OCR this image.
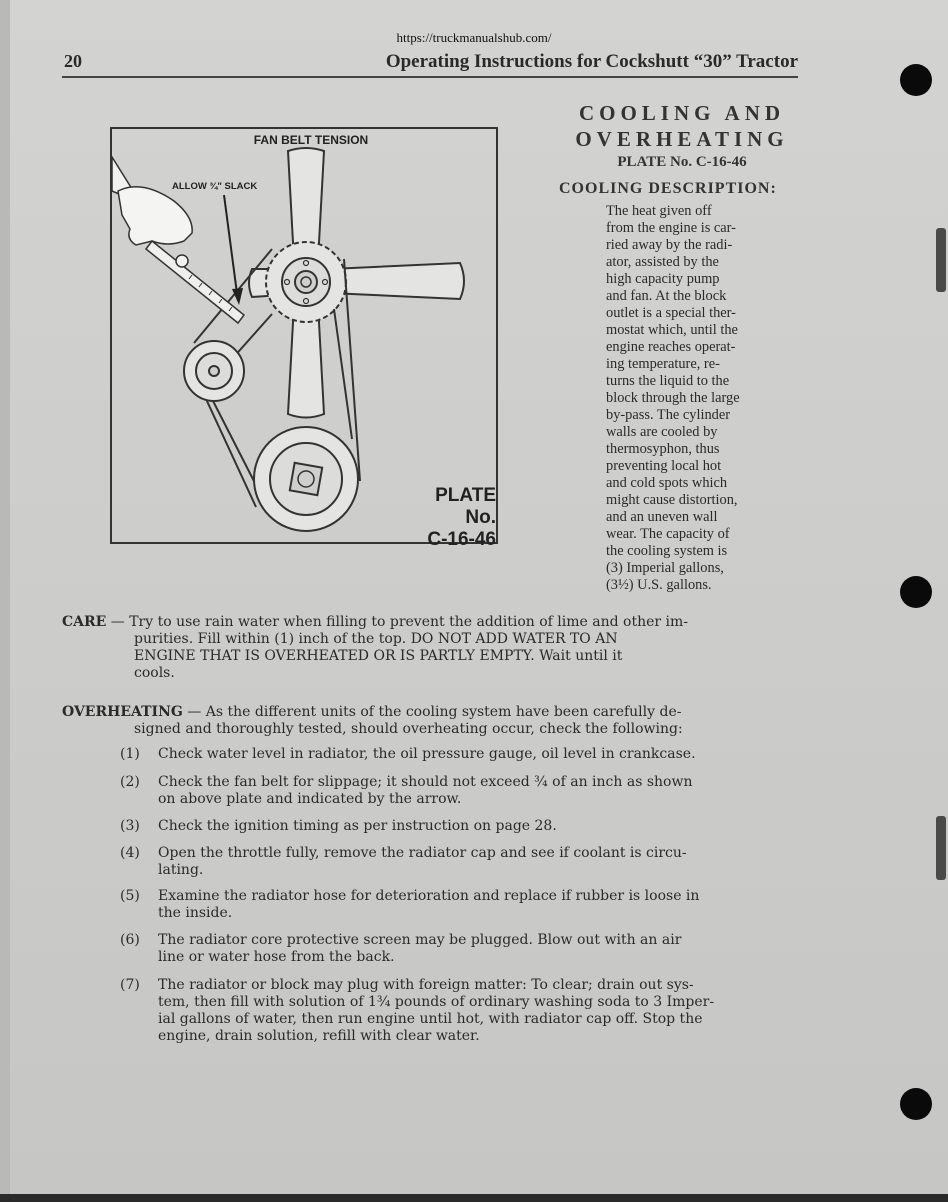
https://truckmanualshub.com/
20	Operating Instructions for Cockshutt “30” Tractor
FAN BELT TENSION
ALLOW ¾" SLACK
PLATE
No.
C-16-46
COOLING AND
OVERHEATING
PLATE No. C-16-46
COOLING DESCRIPTION:
The heat given off
from the engine is car-
ried away by the radi-
ator, assisted by the
high capacity pump
and fan. At the block
outlet is a special ther-
mostat which, until the
engine reaches operat-
ing temperature, re-
turns the liquid to the
block through the large
by-pass. The cylinder
walls are cooled by
thermosyphon, thus
preventing local hot
and cold spots which
might cause distortion,
and an uneven wall
wear. The capacity of
the cooling system is
(3) Imperial gallons,
(3½) U.S. gallons.
CARE — Try to use rain water when filling to prevent the addition of lime and other im-
purities. Fill within (1) inch of the top. DO NOT ADD WATER TO AN
ENGINE THAT IS OVERHEATED OR IS PARTLY EMPTY. Wait until it
cools.
OVERHEATING — As the different units of the cooling system have been carefully de-
signed and thoroughly tested, should overheating occur, check the following:
(1) Check water level in radiator, the oil pressure gauge, oil level in crankcase.
(2) Check the fan belt for slippage; it should not exceed ¾ of an inch as shown
on above plate and indicated by the arrow.
(3) Check the ignition timing as per instruction on page 28.
(4) Open the throttle fully, remove the radiator cap and see if coolant is circu-
lating.
(5) Examine the radiator hose for deterioration and replace if rubber is loose in
the inside.
(6) The radiator core protective screen may be plugged. Blow out with an air
line or water hose from the back.
(7) The radiator or block may plug with foreign matter: To clear; drain out sys-
tem, then fill with solution of 1¾ pounds of ordinary washing soda to 3 Imper-
ial gallons of water, then run engine until hot, with radiator cap off. Stop the
engine, drain solution, refill with clear water.
